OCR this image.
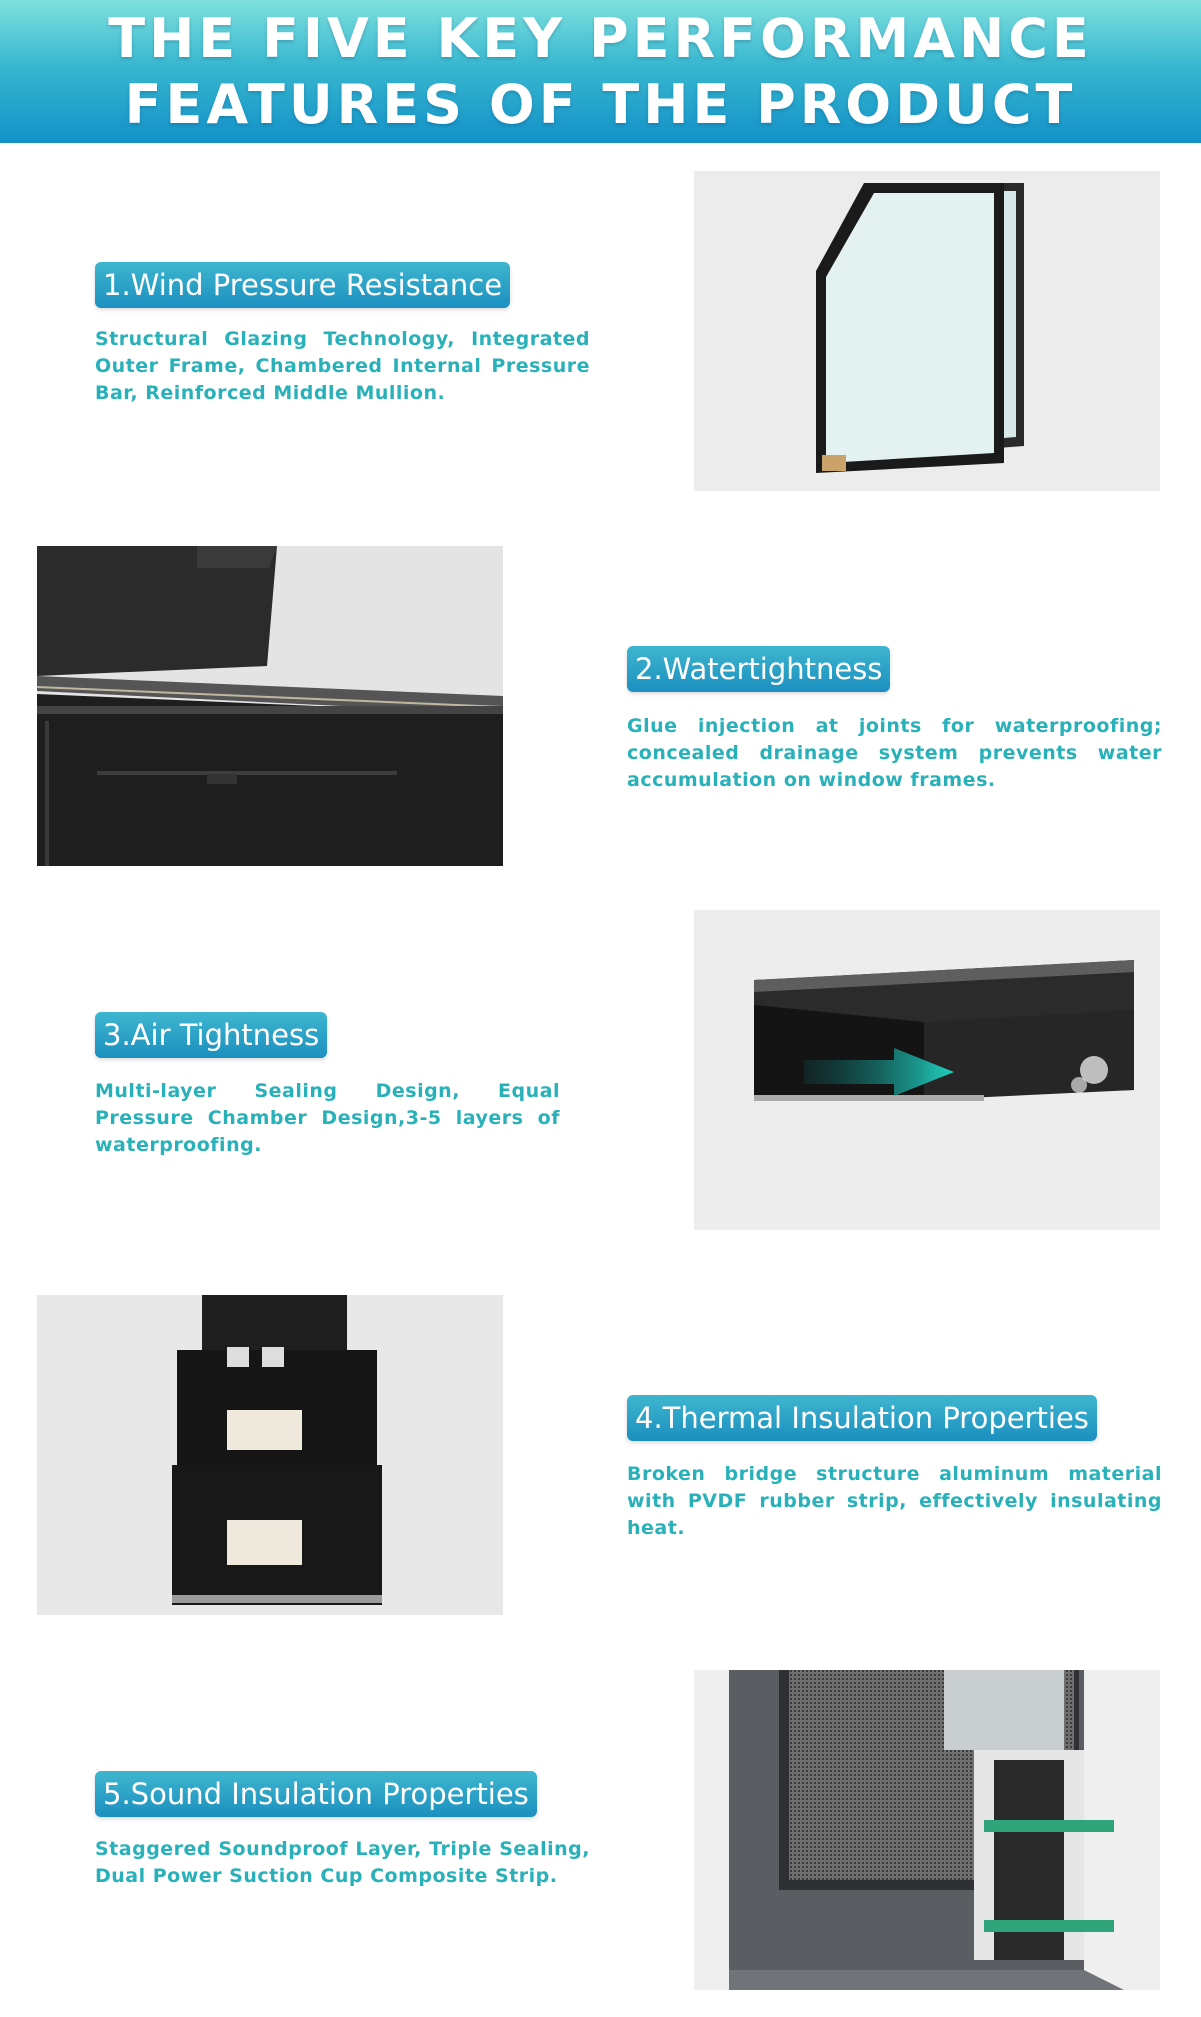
THE FIVE KEY PERFORMANCE
FEATURES OF THE PRODUCT
1.Wind Pressure Resistance
Structural Glazing Technology, Integrated Outer Frame, Chambered Internal Pressure Bar, Reinforced Middle Mullion.
2.Watertightness
Glue injection at joints for waterproofing; concealed drainage system prevents water accumulation on window frames.
3.Air Tightness
Multi-layer Sealing Design, Equal Pressure Chamber Design,3-5 layers of waterproofing.
4.Thermal Insulation Properties
Broken bridge structure aluminum material with PVDF rubber strip, effectively insulating heat.
5.Sound Insulation Properties
Staggered Soundproof Layer, Triple Sealing, Dual Power Suction Cup Composite Strip.
